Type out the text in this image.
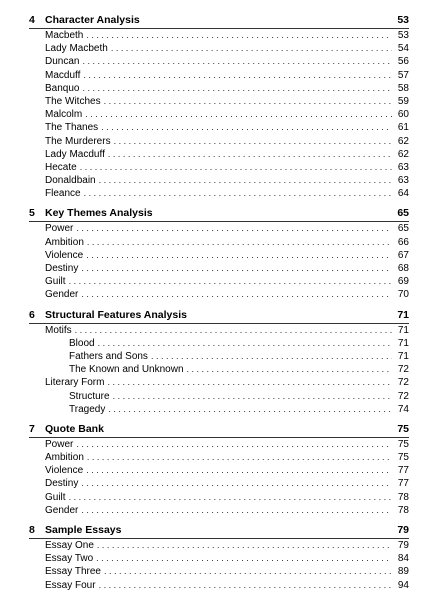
4 Character Analysis	53
Macbeth . . .	53
Lady Macbeth . . .	54
Duncan . . .	56
Macduff . . .	57
Banquo . . .	58
The Witches . . .	59
Malcolm . . .	60
The Thanes . . .	61
The Murderers . . .	62
Lady Macduff . . .	62
Hecate . . .	63
Donaldbain . . .	63
Fleance . . .	64
5 Key Themes Analysis	65
Power . . .	65
Ambition . . .	66
Violence . . .	67
Destiny . . .	68
Guilt . . .	69
Gender . . .	70
6 Structural Features Analysis	71
Motifs . . .	71
Blood . . .	71
Fathers and Sons . . .	71
The Known and Unknown . . .	72
Literary Form . . .	72
Structure . . .	72
Tragedy . . .	74
7 Quote Bank	75
Power . . .	75
Ambition . . .	75
Violence . . .	77
Destiny . . .	77
Guilt . . .	78
Gender . . .	78
8 Sample Essays	79
Essay One . . .	79
Essay Two . . .	84
Essay Three . . .	89
Essay Four . . .	94
